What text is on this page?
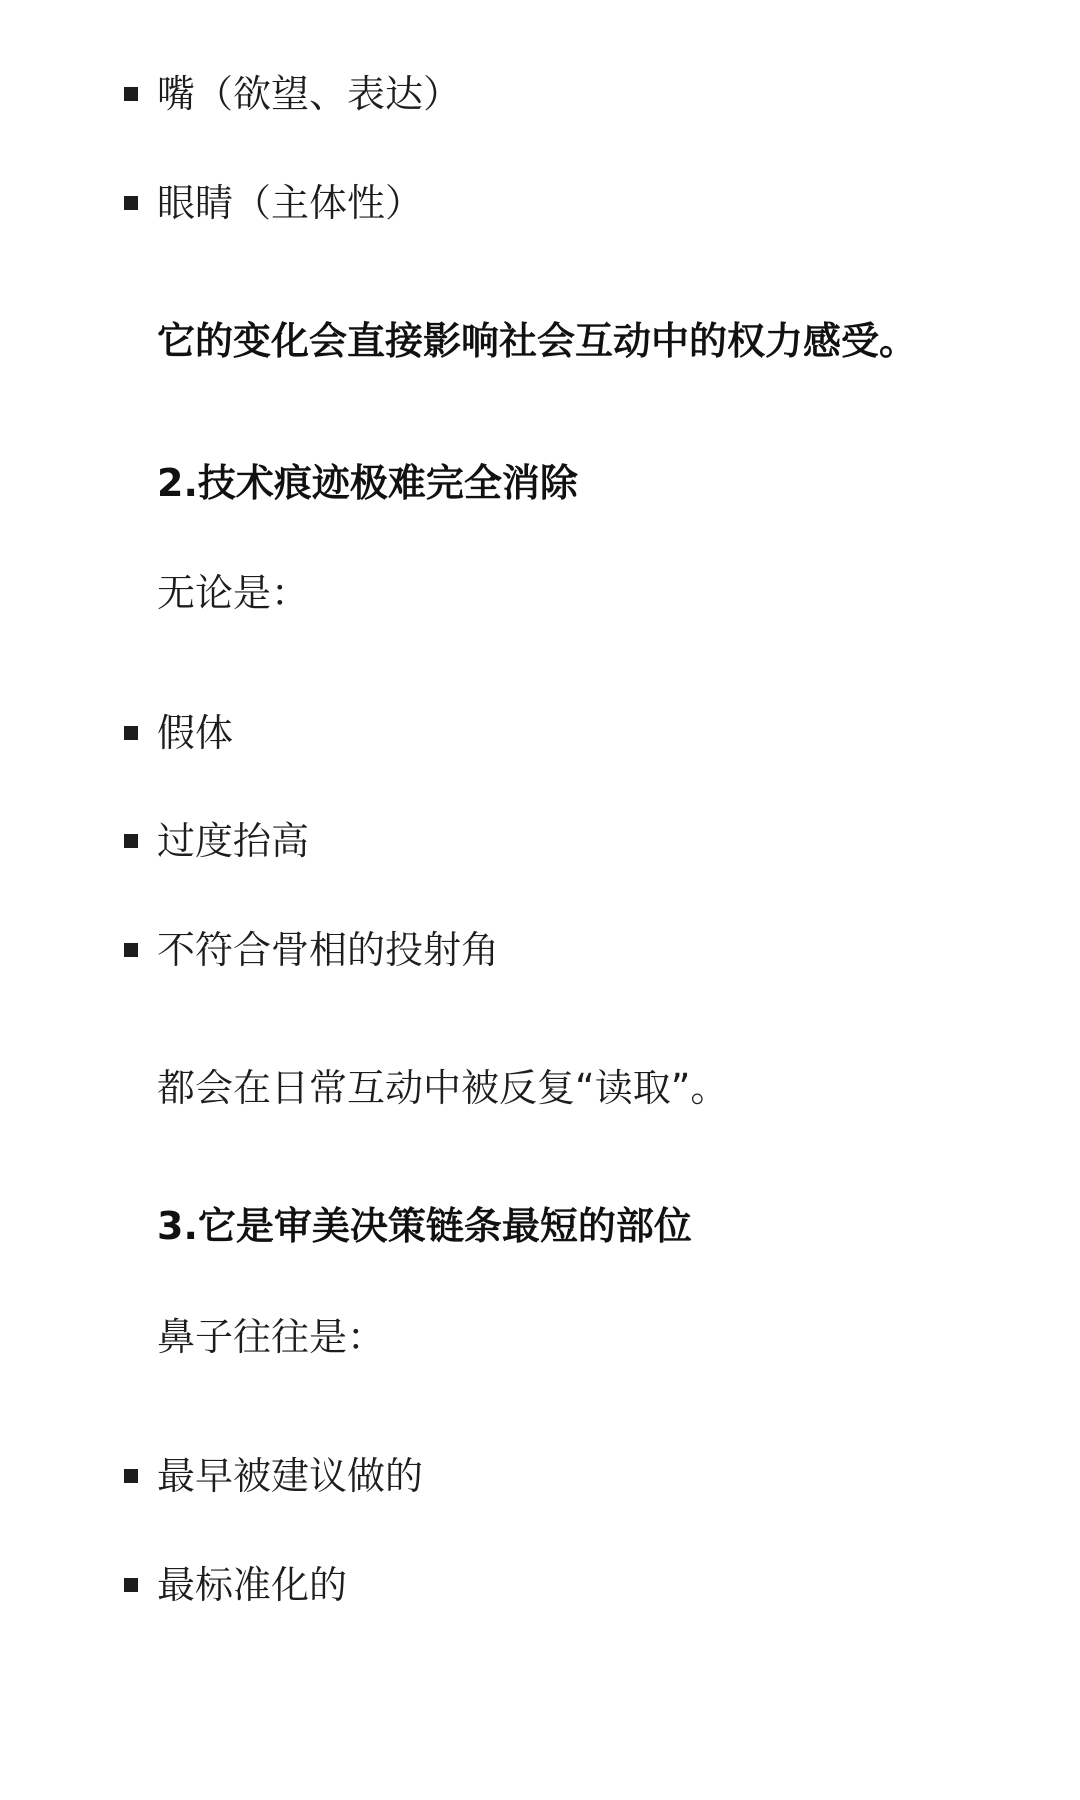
嘴（欲望、表达）
眼睛（主体性）
它的变化会直接影响社会互动中的权力感受。
2.技术痕迹极难完全消除
无论是：
假体
过度抬高
不符合骨相的投射角
都会在日常互动中被反复“读取”。
3.它是审美决策链条最短的部位
鼻子往往是：
最早被建议做的
最标准化的
